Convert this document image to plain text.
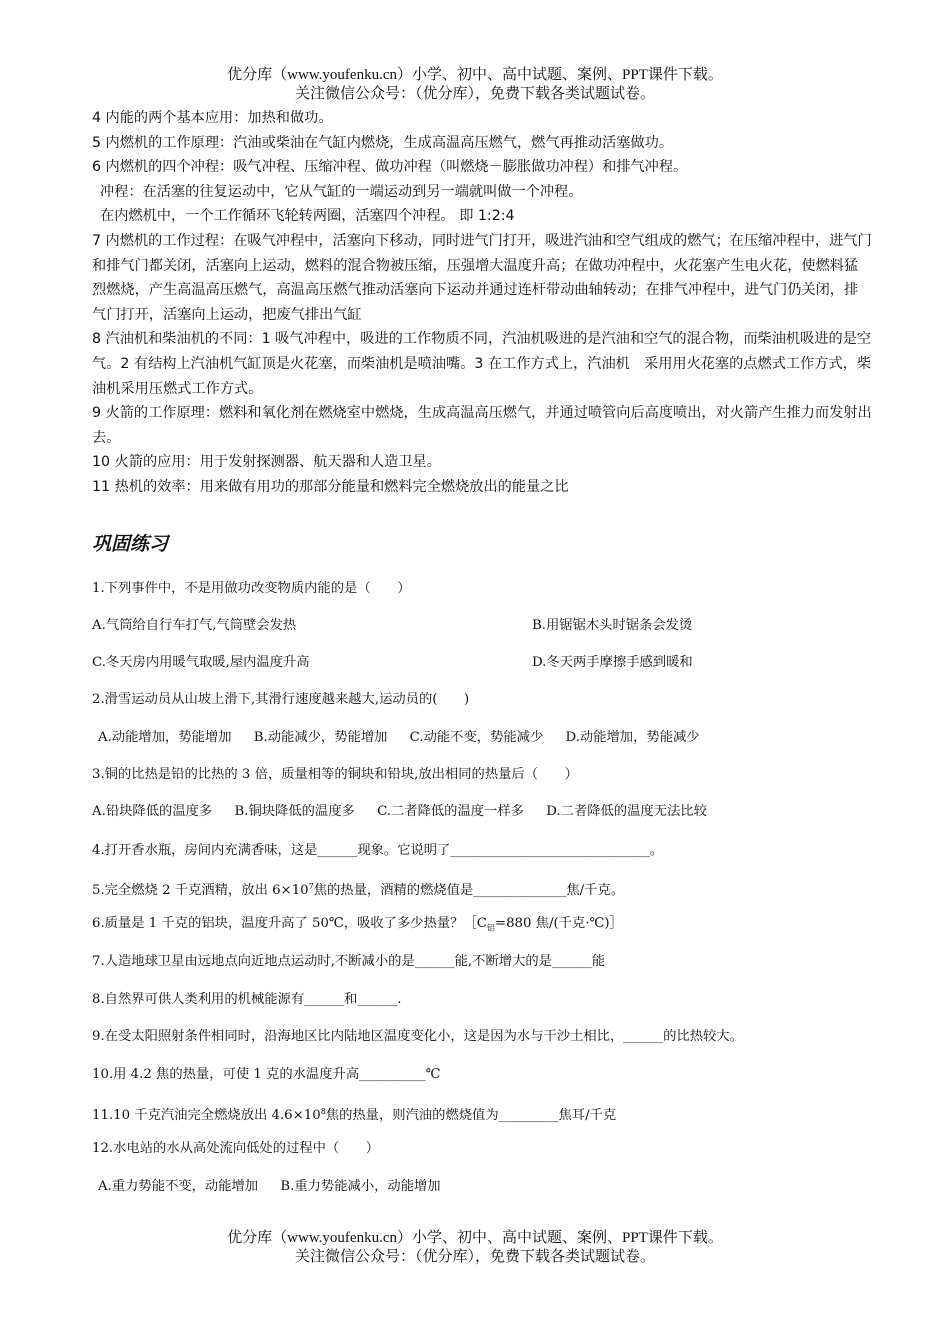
优分库（www.youfenku.cn）小学、初中、高中试题、案例、PPT课件下载。
关注微信公众号：（优分库），免费下载各类试题试卷。

4 内能的两个基本应用：加热和做功。

5 内燃机的工作原理：汽油或柴油在气缸内燃烧，生成高温高压燃气，燃气再推动活塞做功。

6 内燃机的四个冲程：吸气冲程、压缩冲程、做功冲程（叫燃烧－膨胀做功冲程）和排气冲程。

冲程：在活塞的往复运动中，它从气缸的一端运动到另一端就叫做一个冲程。

在内燃机中，一个工作循环飞轮转两圈，活塞四个冲程。 即 1:2:4

7 内燃机的工作过程：在吸气冲程中，活塞向下移动，同时进气门打开，吸进汽油和空气组成的燃气；在压缩冲程中，进气门和排气门都关闭，活塞向上运动，燃料的混合物被压缩，压强增大温度升高；在做功冲程中，火花塞产生电火花，使燃料猛烈燃烧，产生高温高压燃气，高温高压燃气推动活塞向下运动并通过连杆带动曲轴转动；在排气冲程中，进气门仍关闭，排气门打开，活塞向上运动，把废气排出气缸

8 汽油机和柴油机的不同：1 吸气冲程中，吸进的工作物质不同，汽油机吸进的是汽油和空气的混合物，而柴油机吸进的是空气。2 有结构上汽油机气缸顶是火花塞，而柴油机是喷油嘴。3 在工作方式上，汽油机　采用用火花塞的点燃式工作方式，柴油机采用压燃式工作方式。

9 火箭的工作原理：燃料和氧化剂在燃烧室中燃烧，生成高温高压燃气，并通过喷管向后高度喷出，对火箭产生推力而发射出去。

10 火箭的应用：用于发射探测器、航天器和人造卫星。

11 热机的效率：用来做有用功的那部分能量和燃料完全燃烧放出的能量之比

巩固练习
1.下列事件中，不是用做功改变物质内能的是（　　）
A.气筒给自行车打气,气筒壁会发热	B.用锯锯木头时锯条会发烫
C.冬天房内用暖气取暖,屋内温度升高	D.冬天两手摩擦手感到暖和
2.滑雪运动员从山坡上滑下,其滑行速度越来越大,运动员的(　　)
A.动能增加，势能增加 B.动能减少，势能增加 C.动能不变，势能减少 D.动能增加，势能减少
3.铜的比热是铅的比热的 3 倍，质量相等的铜块和铅块,放出相同的热量后（　　）
A.铅块降低的温度多 B.铜块降低的温度多 C.二者降低的温度一样多 D.二者降低的温度无法比较
4.打开香水瓶，房间内充满香味，这是______现象。它说明了______________________________。
5.完全燃烧 2 千克酒精，放出 $6\times 10^7$焦的热量，酒精的燃烧值是______________焦/千克。
6.质量是 1 千克的铝块，温度升高了 50℃，吸收了多少热量？$[C_铝=880$ 焦/(千克·℃)］
7.人造地球卫星由远地点向近地点运动时,不断减小的是______能,不断增大的是______能
8.自然界可供人类利用的机械能源有______和______.
9.在受太阳照射条件相同时，沿海地区比内陆地区温度变化小，这是因为水与干沙土相比，______的比热较大。
10.用 4.2 焦的热量，可使 1 克的水温度升高__________℃
11.10 千克汽油完全燃烧放出 $4.6\times 10^8$焦的热量，则汽油的燃烧值为_________焦耳/千克
12.水电站的水从高处流向低处的过程中（　　）
A.重力势能不变，动能增加 B.重力势能减小，动能增加
优分库（www.youfenku.cn）小学、初中、高中试题、案例、PPT课件下载。
关注微信公众号：（优分库），免费下载各类试题试卷。
